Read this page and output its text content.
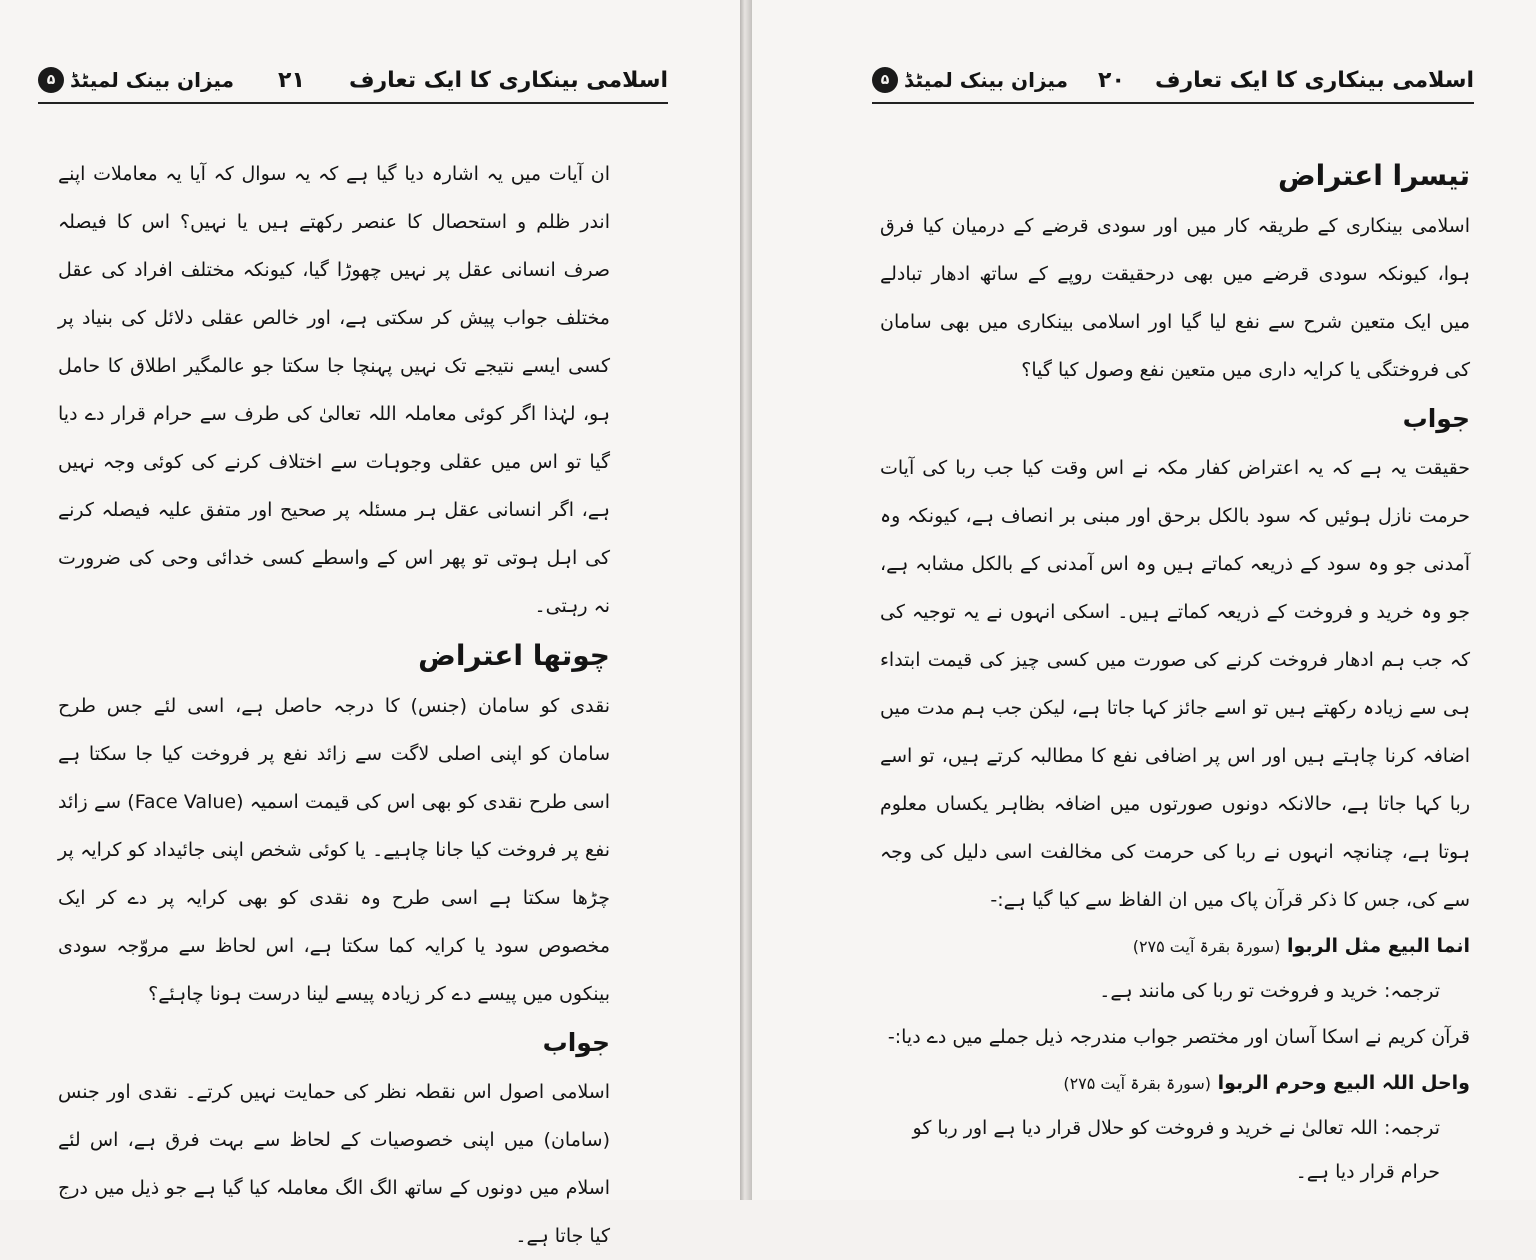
اسلامی بینکاری کا ایک تعارف
۲۱
میزان بینک لمیٹڈ
۵

ان آیات میں یہ اشارہ دیا گیا ہے کہ یہ سوال کہ آیا یہ معاملات اپنے اندر ظلم و استحصال کا عنصر رکھتے ہیں یا نہیں؟ اس کا فیصلہ صرف انسانی عقل پر نہیں چھوڑا گیا، کیونکہ مختلف افراد کی عقل مختلف جواب پیش کر سکتی ہے، اور خالص عقلی دلائل کی بنیاد پر کسی ایسے نتیجے تک نہیں پہنچا جا سکتا جو عالمگیر اطلاق کا حامل ہو، لہٰذا اگر کوئی معاملہ اللہ تعالیٰ کی طرف سے حرام قرار دے دیا گیا تو اس میں عقلی وجوہات سے اختلاف کرنے کی کوئی وجہ نہیں ہے، اگر انسانی عقل ہر مسئلہ پر صحیح اور متفق علیہ فیصلہ کرنے کی اہل ہوتی تو پھر اس کے واسطے کسی خدائی وحی کی ضرورت نہ رہتی۔

چوتھا اعتراض

نقدی کو سامان (جنس) کا درجہ حاصل ہے، اسی لئے جس طرح سامان کو اپنی اصلی لاگت سے زائد نفع پر فروخت کیا جا سکتا ہے اسی طرح نقدی کو بھی اس کی قیمت اسمیہ (Face Value) سے زائد نفع پر فروخت کیا جانا چاہیے۔ یا کوئی شخص اپنی جائیداد کو کرایہ پر چڑھا سکتا ہے اسی طرح وہ نقدی کو بھی کرایہ پر دے کر ایک مخصوص سود یا کرایہ کما سکتا ہے، اس لحاظ سے مروّجہ سودی بینکوں میں پیسے دے کر زیادہ پیسے لینا درست ہونا چاہئے؟

جواب

اسلامی اصول اس نقطہ نظر کی حمایت نہیں کرتے۔ نقدی اور جنس (سامان) میں اپنی خصوصیات کے لحاظ سے بہت فرق ہے، اس لئے اسلام میں دونوں کے ساتھ الگ الگ معاملہ کیا گیا ہے جو ذیل میں درج کیا جاتا ہے۔

اسلامی بینکاری کا ایک تعارف
۲۰
میزان بینک لمیٹڈ
۵
تیسرا اعتراض

اسلامی بینکاری کے طریقہ کار میں اور سودی قرضے کے درمیان کیا فرق ہوا، کیونکہ سودی قرضے میں بھی درحقیقت روپے کے ساتھ ادھار تبادلے میں ایک متعین شرح سے نفع لیا گیا اور اسلامی بینکاری میں بھی سامان کی فروختگی یا کرایہ داری میں متعین نفع وصول کیا گیا؟

جواب

حقیقت یہ ہے کہ یہ اعتراض کفار مکہ نے اس وقت کیا جب ربا کی آیات حرمت نازل ہوئیں کہ سود بالکل برحق اور مبنی بر انصاف ہے، کیونکہ وہ آمدنی جو وہ سود کے ذریعہ کماتے ہیں وہ اس آمدنی کے بالکل مشابہ ہے، جو وہ خرید و فروخت کے ذریعہ کماتے ہیں۔ اسکی انہوں نے یہ توجیہ کی کہ جب ہم ادھار فروخت کرنے کی صورت میں کسی چیز کی قیمت ابتداء ہی سے زیادہ رکھتے ہیں تو اسے جائز کہا جاتا ہے، لیکن جب ہم مدت میں اضافہ کرنا چاہتے ہیں اور اس پر اضافی نفع کا مطالبہ کرتے ہیں، تو اسے ربا کہا جاتا ہے، حالانکہ دونوں صورتوں میں اضافہ بظاہر یکساں معلوم ہوتا ہے، چنانچہ انہوں نے ربا کی حرمت کی مخالفت اسی دلیل کی وجہ سے کی، جس کا ذکر قرآن پاک میں ان الفاظ سے کیا گیا ہے:-

انما البیع مثل الربوا (سورۃ بقرۃ آیت ۲۷۵)
ترجمہ: خرید و فروخت تو ربا کی مانند ہے۔

قرآن کریم نے اسکا آسان اور مختصر جواب مندرجہ ذیل جملے میں دے دیا:-

واحل اللہ البیع وحرم الربوا (سورۃ بقرۃ آیت ۲۷۵)
ترجمہ: اللہ تعالیٰ نے خرید و فروخت کو حلال قرار دیا ہے اور ربا کو حرام قرار دیا ہے۔
